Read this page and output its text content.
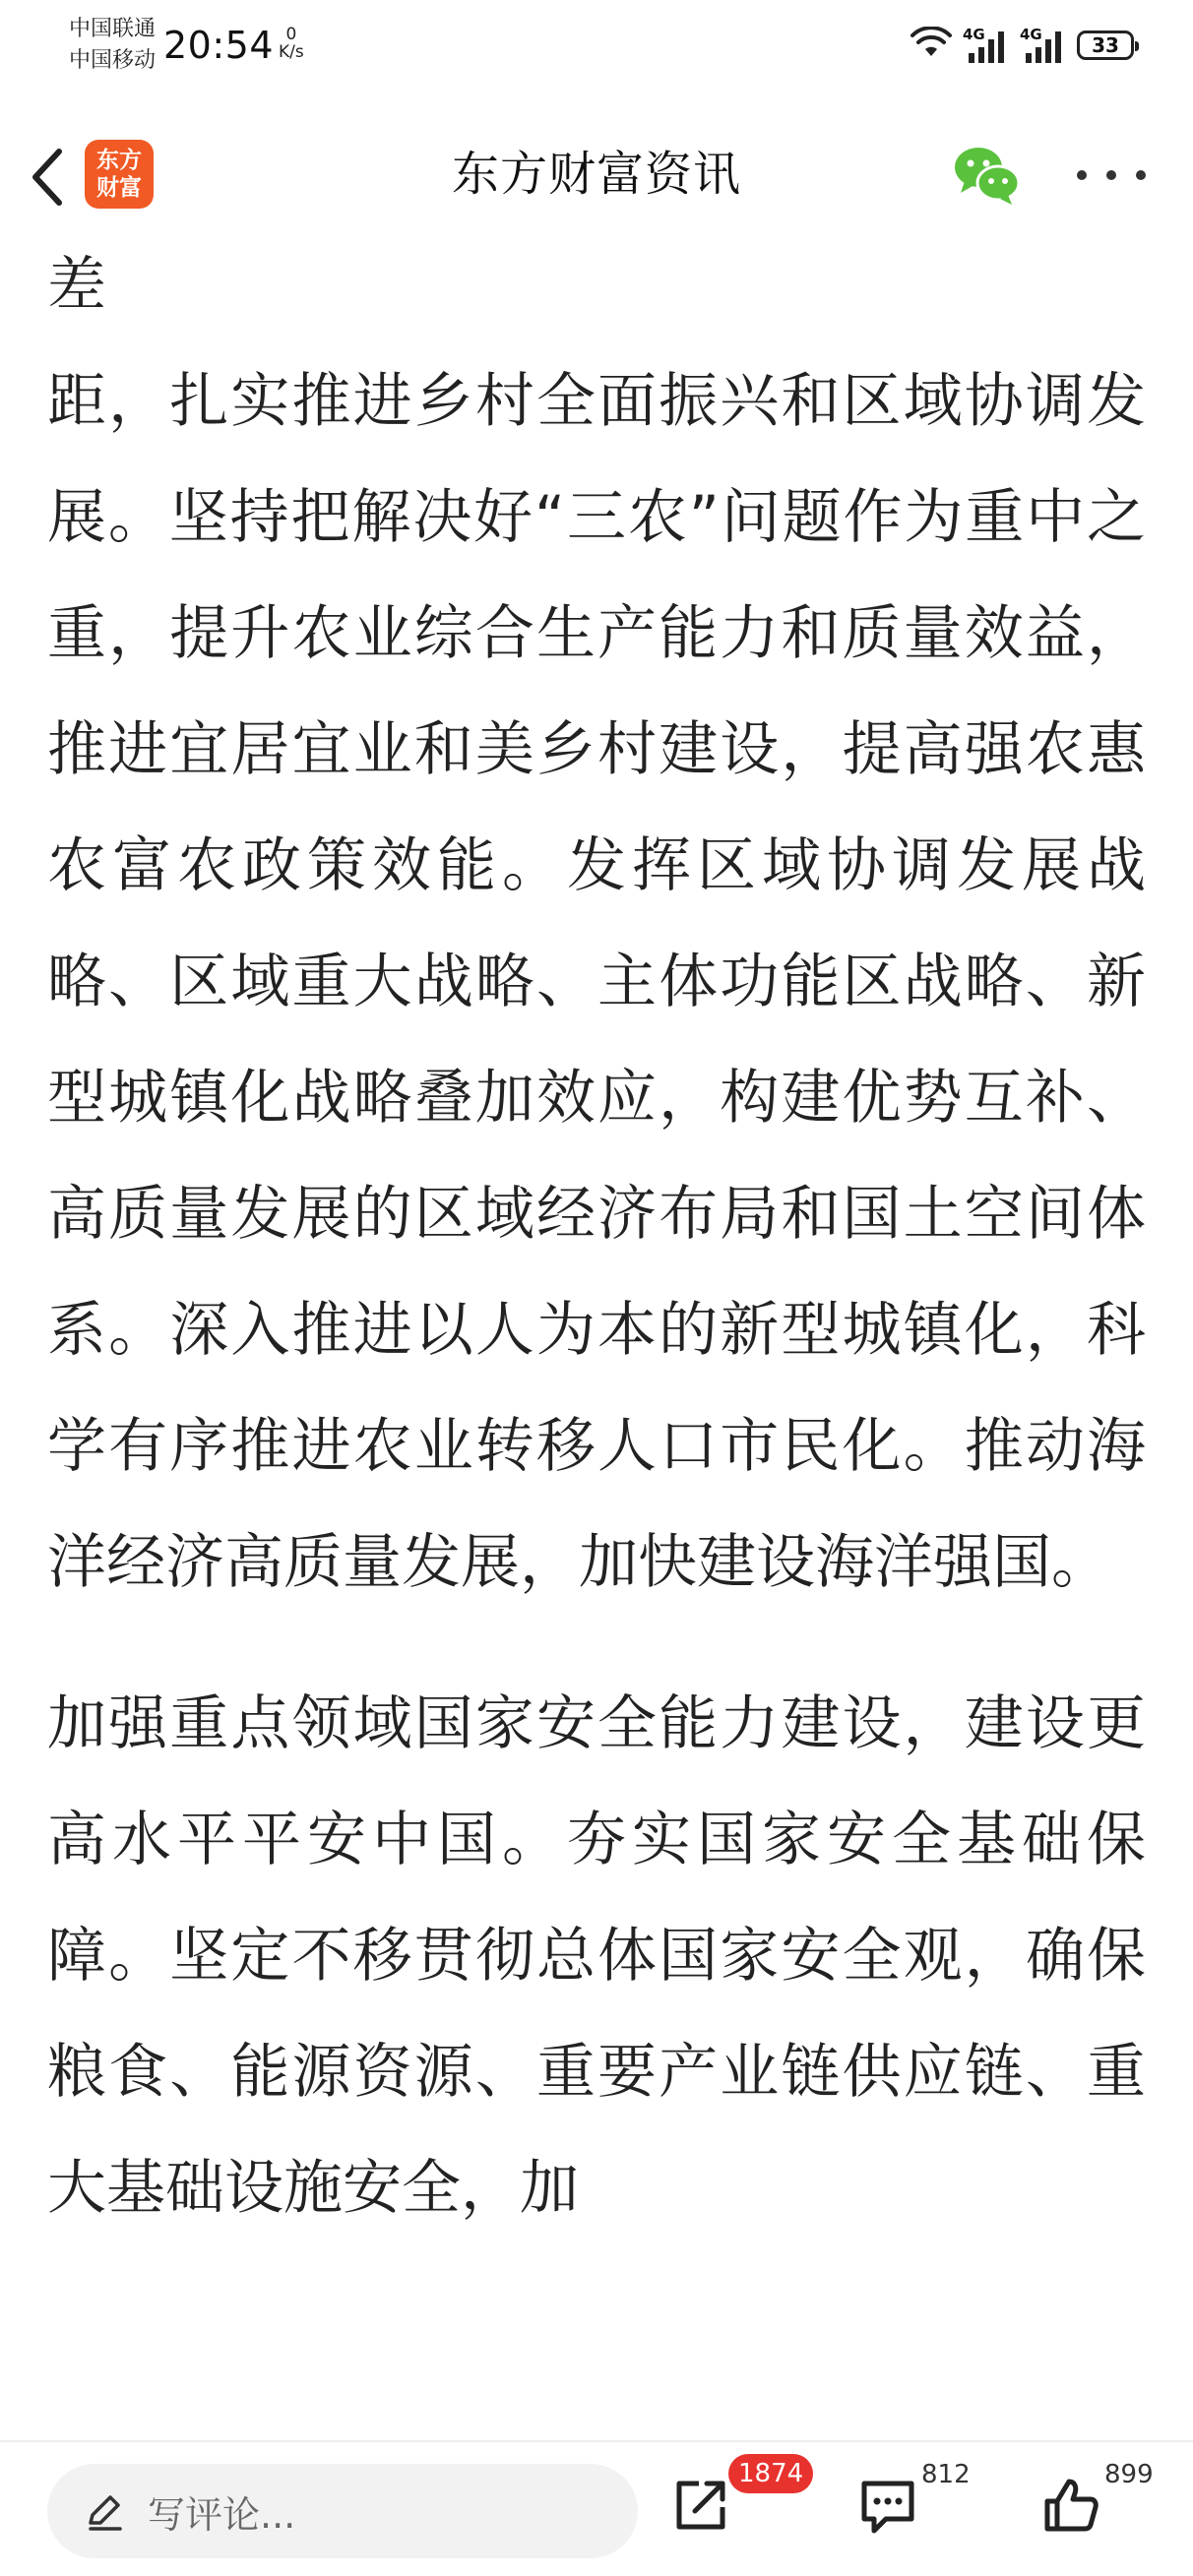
中国联通
中国移动 20:54 0
K/s
4G 4G	33
东方
财富	东方财富资讯

差

距，扎实推进乡村全面振兴和区域协调发展。坚持把解决好“三农”问题作为重中之重，提升农业综合生产能力和质量效益，推进宜居宜业和美乡村建设，提高强农惠农富农政策效能。发挥区域协调发展战略、区域重大战略、主体功能区战略、新型城镇化战略叠加效应，构建优势互补、高质量发展的区域经济布局和国土空间体系。深入推进以人为本的新型城镇化，科学有序推进农业转移人口市民化。推动海洋经济高质量发展，加快建设海洋强国。

加强重点领域国家安全能力建设，建设更高水平平安中国。夯实国家安全基础保障。坚定不移贯彻总体国家安全观，确保粮食、能源资源、重要产业链供应链、重大基础设施安全，加

写评论...
1874	812	899
